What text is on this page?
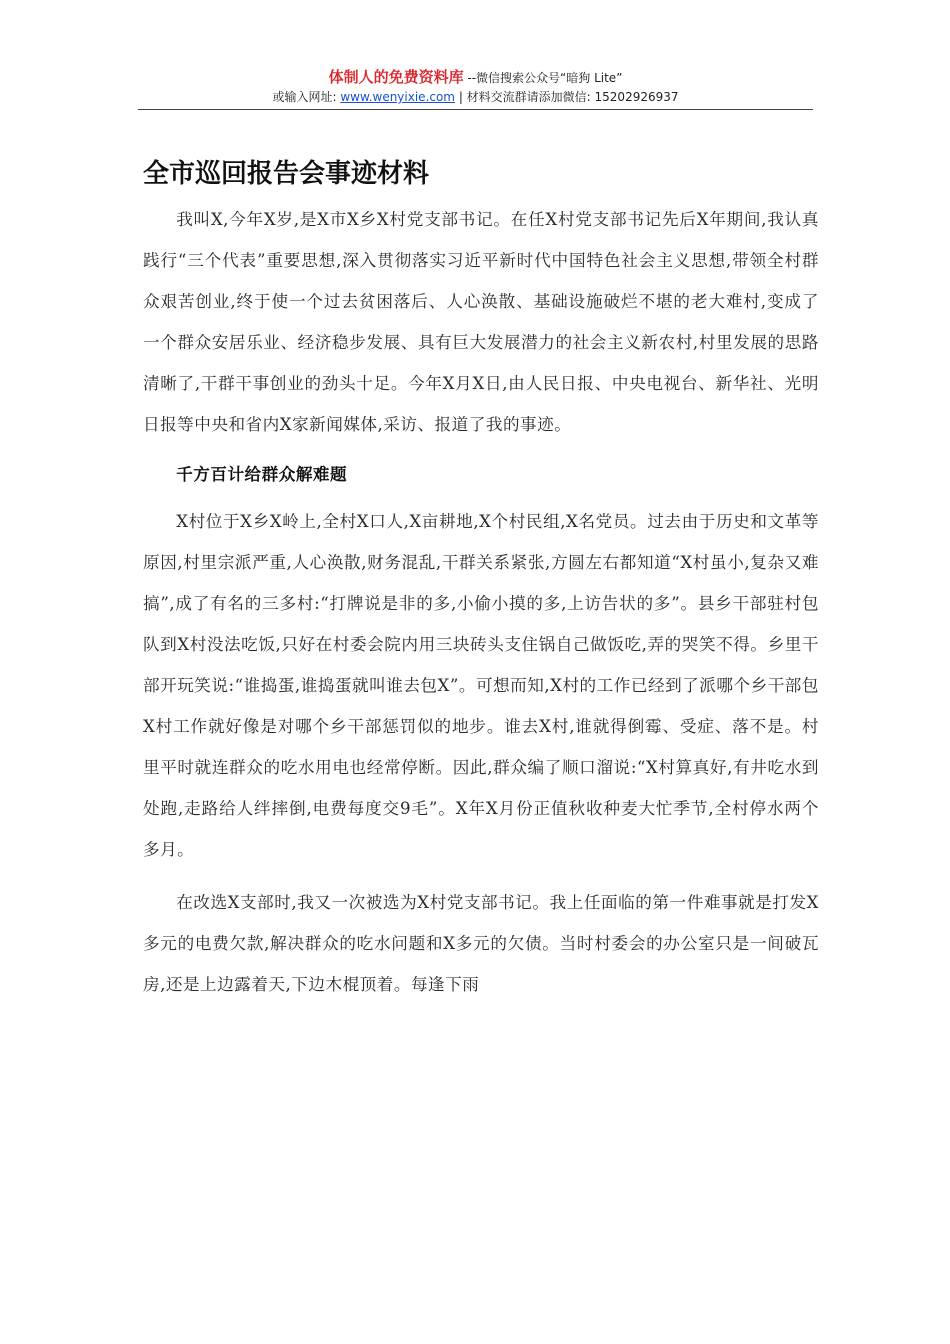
体制人的免费资料库 --微信搜索公众号“暗狗 Lite”
或输入网址: www.wenyixie.com | 材料交流群请添加微信: 15202926937
全市巡回报告会事迹材料

我叫X,今年X岁,是X市X乡X村党支部书记。在任X村党支部书记先后X年期间,我认真践行“三个代表”重要思想,深入贯彻落实习近平新时代中国特色社会主义思想,带领全村群众艰苦创业,终于使一个过去贫困落后、人心涣散、基础设施破烂不堪的老大难村,变成了一个群众安居乐业、经济稳步发展、具有巨大发展潜力的社会主义新农村,村里发展的思路清晰了,干群干事创业的劲头十足。今年X月X日,由人民日报、中央电视台、新华社、光明日报等中央和省内X家新闻媒体,采访、报道了我的事迹。

千方百计给群众解难题

X村位于X乡X岭上,全村X口人,X亩耕地,X个村民组,X名党员。过去由于历史和文革等原因,村里宗派严重,人心涣散,财务混乱,干群关系紧张,方圆左右都知道“X村虽小,复杂又难搞”,成了有名的三多村:“打牌说是非的多,小偷小摸的多,上访告状的多”。县乡干部驻村包队到X村没法吃饭,只好在村委会院内用三块砖头支住锅自己做饭吃,弄的哭笑不得。乡里干部开玩笑说:“谁捣蛋,谁捣蛋就叫谁去包X”。可想而知,X村的工作已经到了派哪个乡干部包X村工作就好像是对哪个乡干部惩罚似的地步。谁去X村,谁就得倒霉、受症、落不是。村里平时就连群众的吃水用电也经常停断。因此,群众编了顺口溜说:“X村算真好,有井吃水到处跑,走路给人绊摔倒,电费每度交9毛”。X年X月份正值秋收种麦大忙季节,全村停水两个多月。

在改选X支部时,我又一次被选为X村党支部书记。我上任面临的第一件难事就是打发X多元的电费欠款,解决群众的吃水问题和X多元的欠债。当时村委会的办公室只是一间破瓦房,还是上边露着天,下边木棍顶着。每逢下雨
